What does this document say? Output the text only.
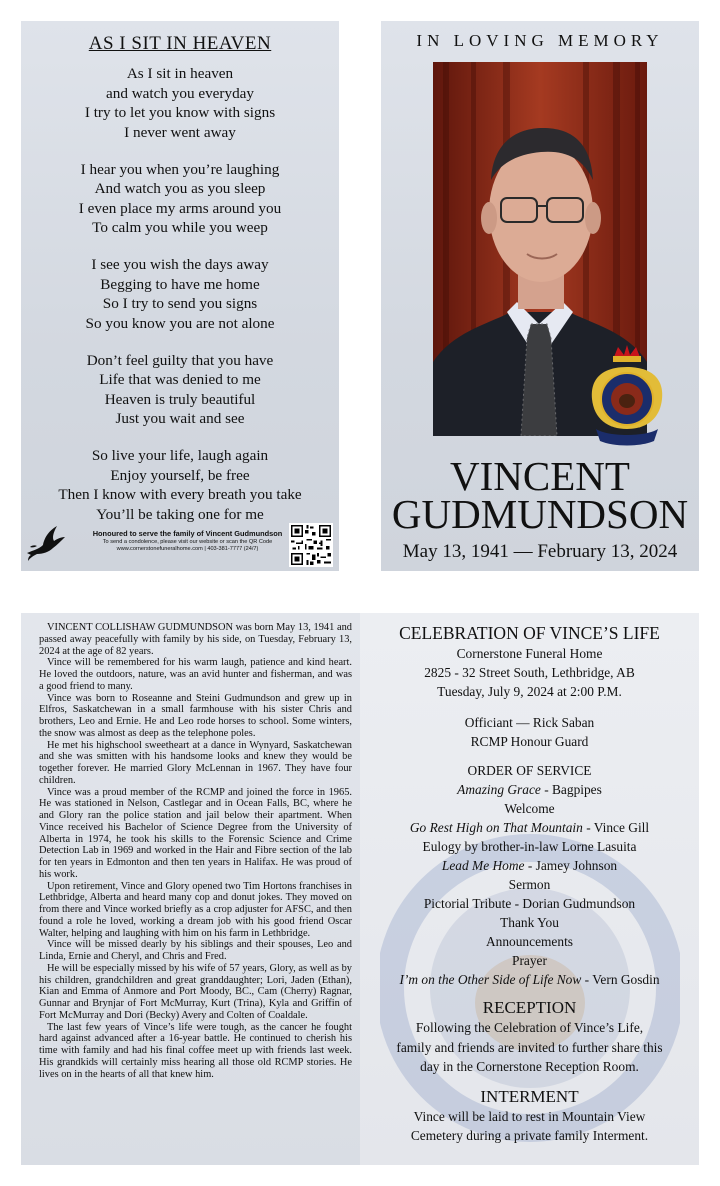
AS I SIT IN HEAVEN
As I sit in heaven
and watch you everyday
I try to let you know with signs
I never went away
I hear you when you’re laughing
And watch you as you sleep
I even place my arms around you
To calm you while you weep
I see you wish the days away
Begging to have me home
So I try to send you signs
So you know you are not alone
Don’t feel guilty that you have
Life that was denied to me
Heaven is truly beautiful
Just you wait and see
So live your life, laugh again
Enjoy yourself, be free
Then I know with every breath you take
You’ll be taking one for me
Honoured to serve the family of Vincent Gudmundson
To send a condolence, please visit our website or scan the QR Code
www.cornerstonefuneralhome.com | 403-381-7777 (24/7)
IN LOVING MEMORY
VINCENT
GUDMUNDSON
May 13, 1941 — February 13, 2024

VINCENT COLLISHAW GUDMUNDSON was born May 13, 1941 and passed away peacefully with family by his side, on Tuesday, February 13, 2024 at the age of 82 years.

Vince will be remembered for his warm laugh, patience and kind heart. He loved the outdoors, nature, was an avid hunter and fisherman, and was a good friend to many.

Vince was born to Roseanne and Steini Gudmundson and grew up in Elfros, Saskatchewan in a small farmhouse with his sister Chris and brothers, Leo and Ernie. He and Leo rode horses to school. Some winters, the snow was almost as deep as the telephone poles.

He met his highschool sweetheart at a dance in Wynyard, Saskatchewan and she was smitten with his handsome looks and knew they would be together forever. He married Glory McLennan in 1967. They have four children.

Vince was a proud member of the RCMP and joined the force in 1965. He was stationed in Nelson, Castlegar and in Ocean Falls, BC, where he and Glory ran the police station and jail below their apartment. When Vince received his Bachelor of Science Degree from the University of Alberta in 1974, he took his skills to the Forensic Science and Crime Detection Lab in 1969 and worked in the Hair and Fibre section of the lab for ten years in Edmonton and then ten years in Halifax. He was proud of his work.

Upon retirement, Vince and Glory opened two Tim Hortons franchises in Lethbridge, Alberta and heard many cop and donut jokes. They moved on from there and Vince worked briefly as a crop adjuster for AFSC, and then found a role he loved, working a dream job with his good friend Oscar Walter, helping and laughing with him on his farm in Lethbridge.

Vince will be missed dearly by his siblings and their spouses, Leo and Linda, Ernie and Cheryl, and Chris and Fred.

He will be especially missed by his wife of 57 years, Glory, as well as by his children, grandchildren and great granddaughter; Lori, Jaden (Ethan), Kian and Emma of Anmore and Port Moody, BC., Cam (Cherry) Ragnar, Gunnar and Brynjar of Fort McMurray, Kurt (Trina), Kyla and Griffin of Fort McMurray and Dori (Becky) Avery and Colten of Coaldale.

The last few years of Vince’s life were tough, as the cancer he fought hard against advanced after a 16-year battle. He continued to cherish his time with family and had his final coffee meet up with friends last week. His grandkids will certainly miss hearing all those old RCMP stories. He lives on in the hearts of all that knew him.

CELEBRATION OF VINCE’S LIFE
Cornerstone Funeral Home
2825 - 32 Street South, Lethbridge, AB
Tuesday, July 9, 2024 at 2:00 P.M.
Officiant — Rick Saban
RCMP Honour Guard
ORDER OF SERVICE
Amazing Grace - Bagpipes
Welcome
Go Rest High on That Mountain - Vince Gill
Eulogy by brother-in-law Lorne Lasuita
Lead Me Home - Jamey Johnson
Sermon
Pictorial Tribute - Dorian Gudmundson
Thank You
Announcements
Prayer
I’m on the Other Side of Life Now - Vern Gosdin
RECEPTION
Following the Celebration of Vince’s Life,
family and friends are invited to further share this
day in the Cornerstone Reception Room.
INTERMENT
Vince will be laid to rest in Mountain View
Cemetery during a private family Interment.
